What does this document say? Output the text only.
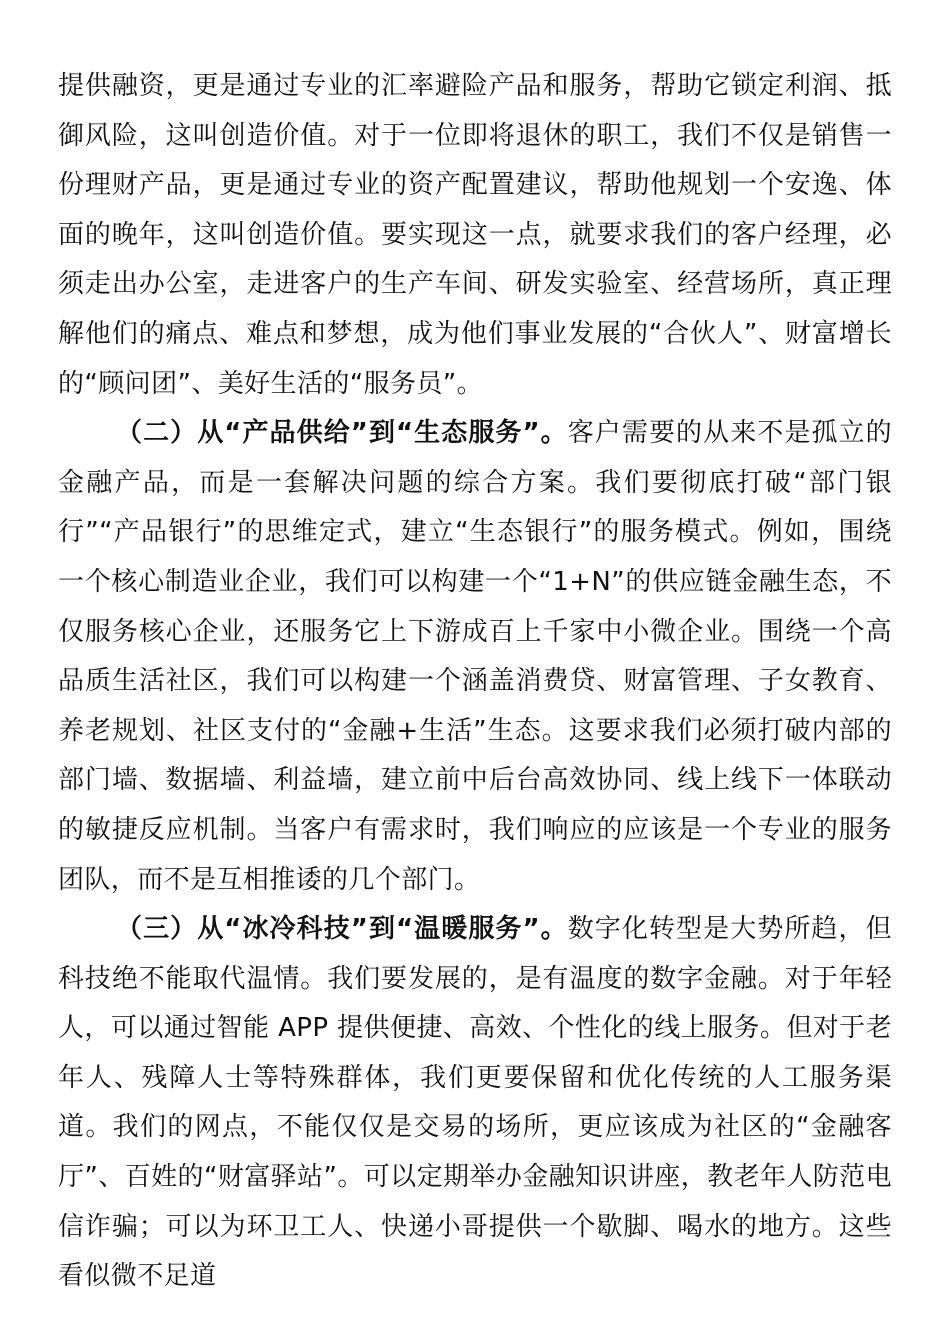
提供融资，更是通过专业的汇率避险产品和服务，帮助它锁定利润、抵御风险，这叫创造价值。对于一位即将退休的职工，我们不仅是销售一份理财产品，更是通过专业的资产配置建议，帮助他规划一个安逸、体面的晚年，这叫创造价值。要实现这一点，就要求我们的客户经理，必须走出办公室，走进客户的生产车间、研发实验室、经营场所，真正理解他们的痛点、难点和梦想，成为他们事业发展的“合伙人”、财富增长的“顾问团”、美好生活的“服务员”。

（二）从“产品供给”到“生态服务”。客户需要的从来不是孤立的金融产品，而是一套解决问题的综合方案。我们要彻底打破“部门银行”“产品银行”的思维定式，建立“生态银行”的服务模式。例如，围绕一个核心制造业企业，我们可以构建一个“1+N”的供应链金融生态，不仅服务核心企业，还服务它上下游成百上千家中小微企业。围绕一个高品质生活社区，我们可以构建一个涵盖消费贷、财富管理、子女教育、养老规划、社区支付的“金融+生活”生态。这要求我们必须打破内部的部门墙、数据墙、利益墙，建立前中后台高效协同、线上线下一体联动的敏捷反应机制。当客户有需求时，我们响应的应该是一个专业的服务团队，而不是互相推诿的几个部门。

（三）从“冰冷科技”到“温暖服务”。数字化转型是大势所趋，但科技绝不能取代温情。我们要发展的，是有温度的数字金融。对于年轻人，可以通过智能 APP 提供便捷、高效、个性化的线上服务。但对于老年人、残障人士等特殊群体，我们更要保留和优化传统的人工服务渠道。我们的网点，不能仅仅是交易的场所，更应该成为社区的“金融客厅”、百姓的“财富驿站”。可以定期举办金融知识讲座，教老年人防范电信诈骗；可以为环卫工人、快递小哥提供一个歇脚、喝水的地方。这些看似微不足道
